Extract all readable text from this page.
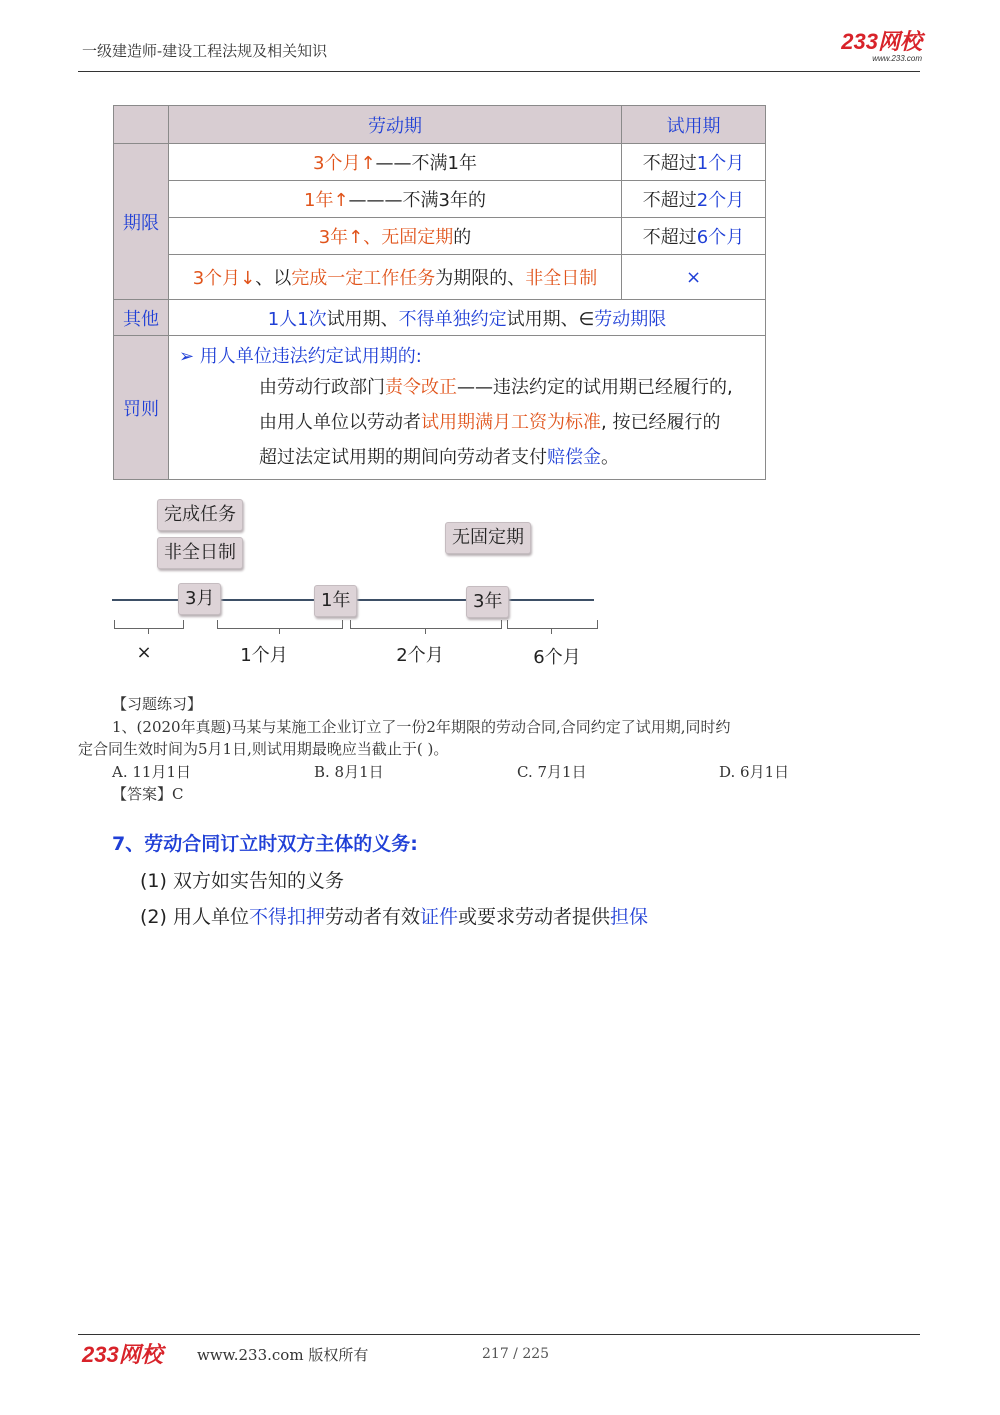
一级建造师-建设工程法规及相关知识	233网校
www.233.com
	劳动期	试用期
期限	3个月↑——不满1年	不超过1个月
	1年↑———不满3年的	不超过2个月
	3年↑、无固定期的	不超过6个月
	3个月↓、以完成一定工作任务为期限的、非全日制	×
其他	1人1次试用期、不得单独约定试用期、∈劳动期限	
罚则	➢ 用人单位违法约定试用期的:
由劳动行政部门责令改正——违法约定的试用期已经履行的,
由用人单位以劳动者试用期满月工资为标准, 按已经履行的
超过法定试用期的期间向劳动者支付赔偿金。	
完成任务
非全日制
无固定期
3月	1年	3年
×	1个月	2个月	6个月
【习题练习】
1、(2020年真题)马某与某施工企业订立了一份2年期限的劳动合同,合同约定了试用期,同时约
定合同生效时间为5月1日,则试用期最晚应当截止于( )。
A. 11月1日	B. 8月1日	C. 7月1日	D. 6月1日
【答案】C
7、劳动合同订立时双方主体的义务:
(1) 双方如实告知的义务
(2) 用人单位不得扣押劳动者有效证件或要求劳动者提供担保
233网校 www.233.com 版权所有	217 / 225
